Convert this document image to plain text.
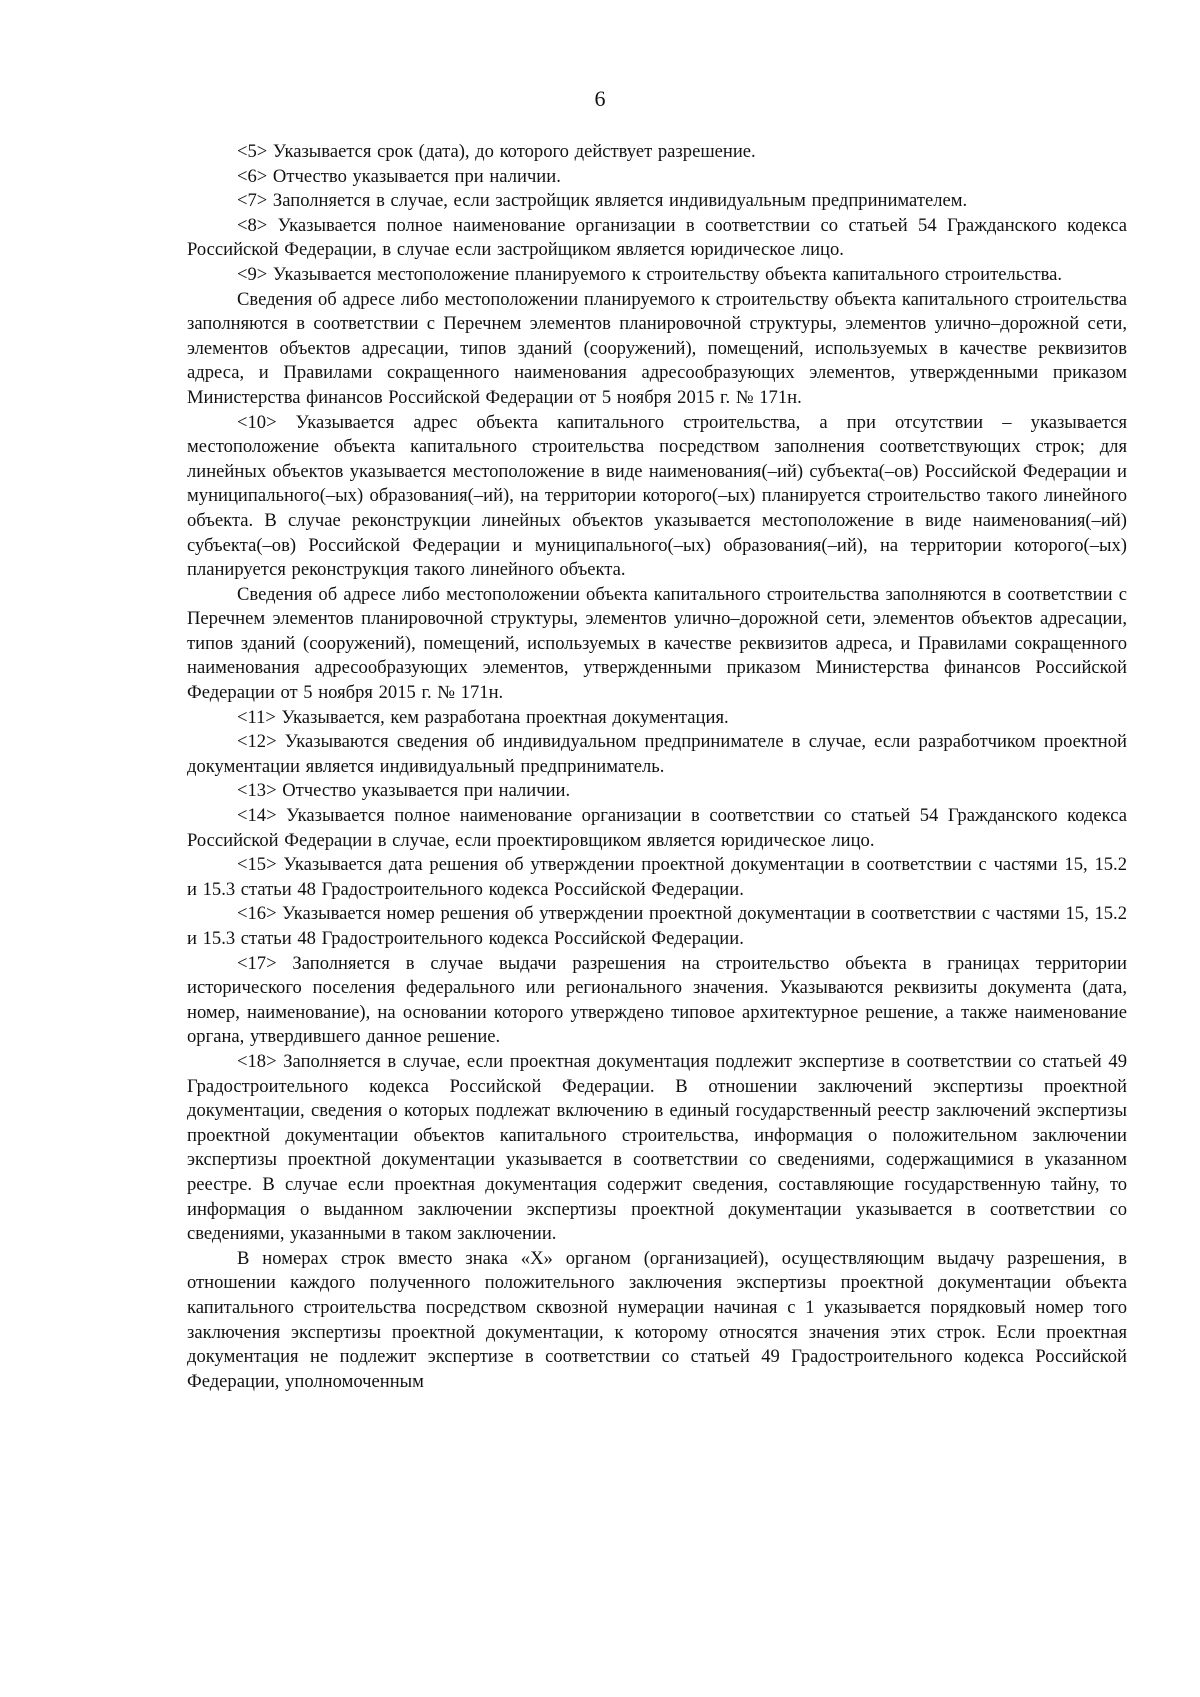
6

<5> Указывается срок (дата), до которого действует разрешение.

<6> Отчество указывается при наличии.

<7> Заполняется в случае, если застройщик является индивидуальным предпринимателем.

<8> Указывается полное наименование организации в соответствии со статьей 54 Гражданского кодекса Российской Федерации, в случае если застройщиком является юридическое лицо.

<9> Указывается местоположение планируемого к строительству объекта капитального строительства.

Сведения об адресе либо местоположении планируемого к строительству объекта капитального строительства заполняются в соответствии с Перечнем элементов планировочной структуры, элементов улично–дорожной сети, элементов объектов адресации, типов зданий (сооружений), помещений, используемых в качестве реквизитов адреса, и Правилами сокращенного наименования адресообразующих элементов, утвержденными приказом Министерства финансов Российской Федерации от 5 ноября 2015 г. № 171н.

<10> Указывается адрес объекта капитального строительства, а при отсутствии – указывается местоположение объекта капитального строительства посредством заполнения соответствующих строк; для линейных объектов указывается местоположение в виде наименования(–ий) субъекта(–ов) Российской Федерации и муниципального(–ых) образования(–ий), на территории которого(–ых) планируется строительство такого линейного объекта. В случае реконструкции линейных объектов указывается местоположение в виде наименования(–ий) субъекта(–ов) Российской Федерации и муниципального(–ых) образования(–ий), на территории которого(–ых) планируется реконструкция такого линейного объекта.

Сведения об адресе либо местоположении объекта капитального строительства заполняются в соответствии с Перечнем элементов планировочной структуры, элементов улично–дорожной сети, элементов объектов адресации, типов зданий (сооружений), помещений, используемых в качестве реквизитов адреса, и Правилами сокращенного наименования адресообразующих элементов, утвержденными приказом Министерства финансов Российской Федерации от 5 ноября 2015 г. № 171н.

<11> Указывается, кем разработана проектная документация.

<12> Указываются сведения об индивидуальном предпринимателе в случае, если разработчиком проектной документации является индивидуальный предприниматель.

<13> Отчество указывается при наличии.

<14> Указывается полное наименование организации в соответствии со статьей 54 Гражданского кодекса Российской Федерации в случае, если проектировщиком является юридическое лицо.

<15> Указывается дата решения об утверждении проектной документации в соответствии с частями 15, 15.2 и 15.3 статьи 48 Градостроительного кодекса Российской Федерации.

<16> Указывается номер решения об утверждении проектной документации в соответствии с частями 15, 15.2 и 15.3 статьи 48 Градостроительного кодекса Российской Федерации.

<17> Заполняется в случае выдачи разрешения на строительство объекта в границах территории исторического поселения федерального или регионального значения. Указываются реквизиты документа (дата, номер, наименование), на основании которого утверждено типовое архитектурное решение, а также наименование органа, утвердившего данное решение.

<18> Заполняется в случае, если проектная документация подлежит экспертизе в соответствии со статьей 49 Градостроительного кодекса Российской Федерации. В отношении заключений экспертизы проектной документации, сведения о которых подлежат включению в единый государственный реестр заключений экспертизы проектной документации объектов капитального строительства, информация о положительном заключении экспертизы проектной документации указывается в соответствии со сведениями, содержащимися в указанном реестре. В случае если проектная документация содержит сведения, составляющие государственную тайну, то информация о выданном заключении экспертизы проектной документации указывается в соответствии со сведениями, указанными в таком заключении.

В номерах строк вместо знака «X» органом (организацией), осуществляющим выдачу разрешения, в отношении каждого полученного положительного заключения экспертизы проектной документации объекта капитального строительства посредством сквозной нумерации начиная с 1 указывается порядковый номер того заключения экспертизы проектной документации, к которому относятся значения этих строк. Если проектная документация не подлежит экспертизе в соответствии со статьей 49 Градостроительного кодекса Российской Федерации, уполномоченным
